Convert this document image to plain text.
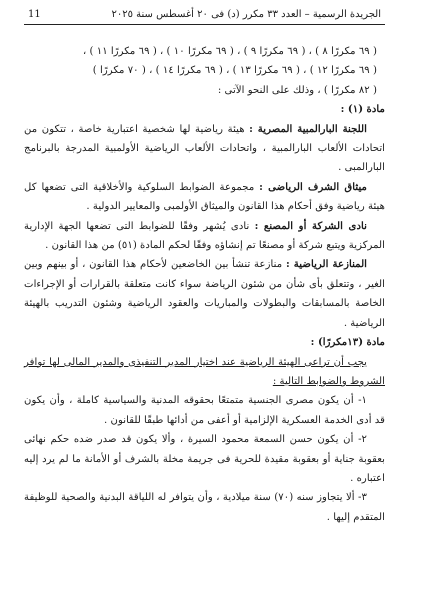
الجريدة الرسمية – العدد ٣٣ مكرر (د) فى ٢٠ أغسطس سنة ٢٠٢٥
11

( ٦٩ مكررًا ٨ ) ، ( ٦٩ مكررًا ٩ ) ، ( ٦٩ مكررًا ١٠ ) ، ( ٦٩ مكررًا ١١ ) ،

( ٦٩ مكررًا ١٢ ) ، ( ٦٩ مكررًا ١٣ ) ، ( ٦٩ مكررًا ١٤ ) ، ( ٧٠ مكررًا )

( ٨٢ مكررًا ) ، وذلك على النحو الآتى :

مادة (١) :

اللجنة البارالمبية المصرية : هيئة رياضية لها شخصية اعتبارية خاصة ، تتكون من اتحادات الألعاب البارالمبية ، واتحادات الألعاب الرياضية الأولمبية المدرجة بالبرنامج البارالمبى .

ميثاق الشرف الرياضى : مجموعة الضوابط السلوكية والأخلاقية التى تضعها كل هيئة رياضية وفق أحكام هذا القانون والميثاق الأولمبى والمعايير الدولية .

نادى الشركة أو المصنع : نادى يُشهر وفقًا للضوابط التى تضعها الجهة الإدارية المركزية ويتبع شركة أو مصنعًا تم إنشاؤه وفقًا لحكم المادة (٥١) من هذا القانون .

المنازعة الرياضية : منازعة تنشأ بين الخاضعين لأحكام هذا القانون ، أو بينهم وبين الغير ، وتتعلق بأى شأن من شئون الرياضة سواء كانت متعلقة بالقرارات أو الإجراءات الخاصة بالمسابقات والبطولات والمباريات والعقود الرياضية وشئون التدريب بالهيئة الرياضية .

مادة (١٣مكررًا) :

يجب أن تراعى الهيئة الرياضية عند اختيار المدير التنفيذى والمدير المالى لها توافر الشروط والضوابط التالية :

١- أن يكون مصرى الجنسية متمتعًا بحقوقه المدنية والسياسية كاملة ، وأن يكون قد أدى الخدمة العسكرية الإلزامية أو أعفى من أدائها طبقًا للقانون .

٢- أن يكون حسن السمعة محمود السيرة ، وألا يكون قد صدر ضده حكم نهائى بعقوبة جناية أو بعقوبة مقيدة للحرية فى جريمة مخلة بالشرف أو الأمانة ما لم يرد إليه اعتباره .

٣- ألا يتجاوز سنه (٧٠) سنة ميلادية ، وأن يتوافر له اللياقة البدنية والصحية للوظيفة المتقدم إليها .
